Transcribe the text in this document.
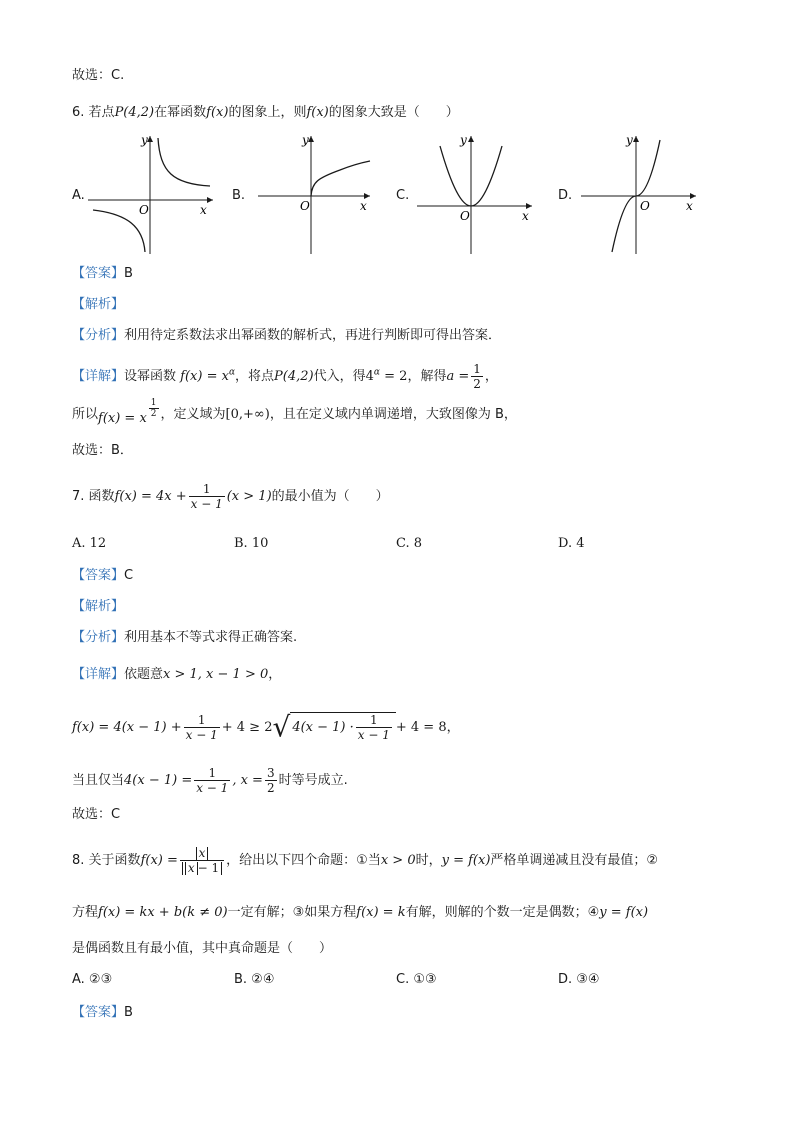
故选：C.
6. 若点P(4,2)在幂函数f(x)的图象上，则f(x)的图象大致是（　　）
A.
y
x
O
B.
y
x
O
C.
y
x
O
D.
y
x
O
【答案】B
【解析】
【分析】利用待定系数法求出幂函数的解析式，再进行判断即可得出答案．
【详解】设幂函数 $f(x) = x^\alpha$，将点P(4,2)代入，得$4^\alpha = 2$，解得$a = \frac{1}{2}$ ，
所以f(x) = x $\frac{1}{2}$ ，定义域为[0,+∞)，且在定义域内单调递增，大致图像为 B，
故选：B．
7. 函数$f(x) = 4x + \frac{1}{x - 1} (x > 1)$的最小值为（　　）
A. 12	B. 10	C. 8	D. 4
【答案】C
【解析】
【分析】利用基本不等式求得正确答案.
【详解】依题意x > 1, x − 1 > 0，
$f(x) = 4(x - 1) + \frac{1}{x - 1} + 4 \ge 2√$ $4(x - 1) \cdot \frac{1}{x - 1} + 4 = 8$，
当且仅当$4(x - 1) = \frac{1}{x - 1}$ , $x = \frac{3}{2}$ 时等号成立.
故选：C
8. 关于函数$f(x) = \frac{x}{x - 1}$ ，给出以下四个命题：①当x > 0时，y = f(x)严格单调递减且没有最值；②
方程f(x) = kx + b(k ≠ 0)一定有解；③如果方程f(x) = k有解，则解的个数一定是偶数；④y = f(x)
是偶函数且有最小值，其中真命题是（　　）
A. ②③	B. ②④	C. ①③	D. ③④
【答案】B
